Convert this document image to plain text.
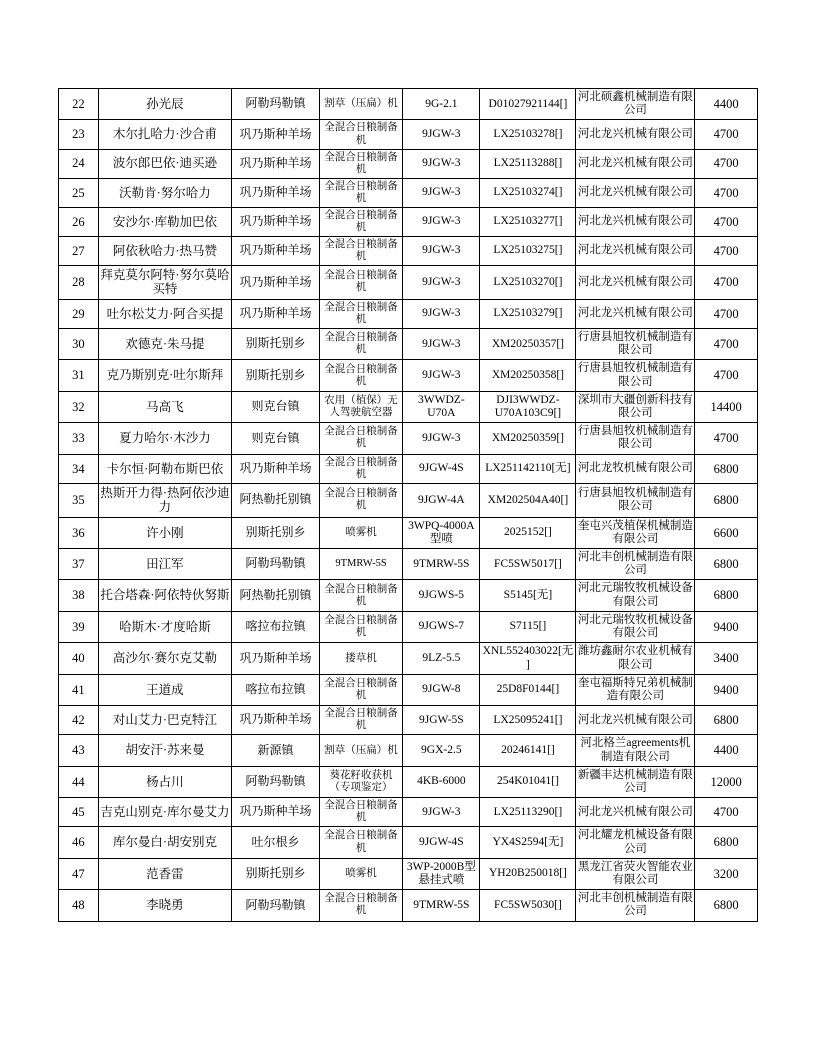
22	孙光辰	阿勒玛勒镇	割草（压扁）机	9G-2.1	D01027921144[]	河北硕鑫机械制造有限公司	4400
23	木尔扎哈力·沙合甫	巩乃斯种羊场	全混合日粮制备机	9JGW-3	LX25103278[]	河北龙兴机械有限公司	4700
24	波尔郎巴依·迪买逊	巩乃斯种羊场	全混合日粮制备机	9JGW-3	LX25113288[]	河北龙兴机械有限公司	4700
25	沃勒肯·努尔哈力	巩乃斯种羊场	全混合日粮制备机	9JGW-3	LX25103274[]	河北龙兴机械有限公司	4700
26	安沙尔·库勒加巴依	巩乃斯种羊场	全混合日粮制备机	9JGW-3	LX25103277[]	河北龙兴机械有限公司	4700
27	阿依秋哈力·热马赞	巩乃斯种羊场	全混合日粮制备机	9JGW-3	LX25103275[]	河北龙兴机械有限公司	4700
28	拜克莫尔阿特·努尔莫哈买特	巩乃斯种羊场	全混合日粮制备机	9JGW-3	LX25103270[]	河北龙兴机械有限公司	4700
29	吐尔松艾力·阿合买提	巩乃斯种羊场	全混合日粮制备机	9JGW-3	LX25103279[]	河北龙兴机械有限公司	4700
30	欢德克·朱马提	别斯托别乡	全混合日粮制备机	9JGW-3	XM20250357[]	行唐县旭牧机械制造有限公司	4700
31	克乃斯别克·吐尔斯拜	别斯托别乡	全混合日粮制备机	9JGW-3	XM20250358[]	行唐县旭牧机械制造有限公司	4700
32	马高飞	则克台镇	农用（植保）无人驾驶航空器	3WWDZ-U70A	DJI3WWDZ-U70A103C9[]	深圳市大疆创新科技有限公司	14400
33	夏力哈尔·木沙力	则克台镇	全混合日粮制备机	9JGW-3	XM20250359[]	行唐县旭牧机械制造有限公司	4700
34	卡尔恒·阿勒布斯巴依	巩乃斯种羊场	全混合日粮制备机	9JGW-4S	LX251142110[无]	河北龙牧机械有限公司	6800
35	热斯开力得·热阿依沙迪力	阿热勒托别镇	全混合日粮制备机	9JGW-4A	XM202504A40[]	行唐县旭牧机械制造有限公司	6800
36	许小刚	别斯托别乡	喷雾机	3WPQ-4000A型喷	2025152[]	奎屯兴茂植保机械制造有限公司	6600
37	田江军	阿勒玛勒镇	9TMRW-5S	9TMRW-5S	FC5SW5017[]	河北丰创机械制造有限公司	6800
38	托合塔森·阿依特伙努斯	阿热勒托别镇	全混合日粮制备机	9JGWS-5	S5145[无]	河北元瑞牧牧机械设备有限公司	6800
39	哈斯木·才度哈斯	喀拉布拉镇	全混合日粮制备机	9JGWS-7	S7115[]	河北元瑞牧牧机械设备有限公司	9400
40	高沙尔·赛尔克艾勒	巩乃斯种羊场	搂草机	9LZ-5.5	XNL552403022[无]	潍坊鑫耐尔农业机械有限公司	3400
41	王道成	喀拉布拉镇	全混合日粮制备机	9JGW-8	25D8F0144[]	奎屯福斯特兄弟机械制造有限公司	9400
42	对山艾力·巴克特江	巩乃斯种羊场	全混合日粮制备机	9JGW-5S	LX25095241[]	河北龙兴机械有限公司	6800
43	胡安汗·苏来曼	新源镇	割草（压扁）机	9GX-2.5	20246141[]	河北格兰agreements机制造有限公司	4400
44	杨占川	阿勒玛勒镇	葵花籽收获机（专项鉴定）	4KB-6000	254K01041[]	新疆丰达机械制造有限公司	12000
45	吉克山别克·库尔曼艾力	巩乃斯种羊场	全混合日粮制备机	9JGW-3	LX25113290[]	河北龙兴机械有限公司	4700
46	库尔曼白·胡安别克	吐尔根乡	全混合日粮制备机	9JGW-4S	YX4S2594[无]	河北耀龙机械设备有限公司	6800
47	范香雷	别斯托别乡	喷雾机	3WP-2000B型悬挂式喷	YH20B250018[]	黑龙江省荧火智能农业有限公司	3200
48	李晓勇	阿勒玛勒镇	全混合日粮制备机	9TMRW-5S	FC5SW5030[]	河北丰创机械制造有限公司	6800
